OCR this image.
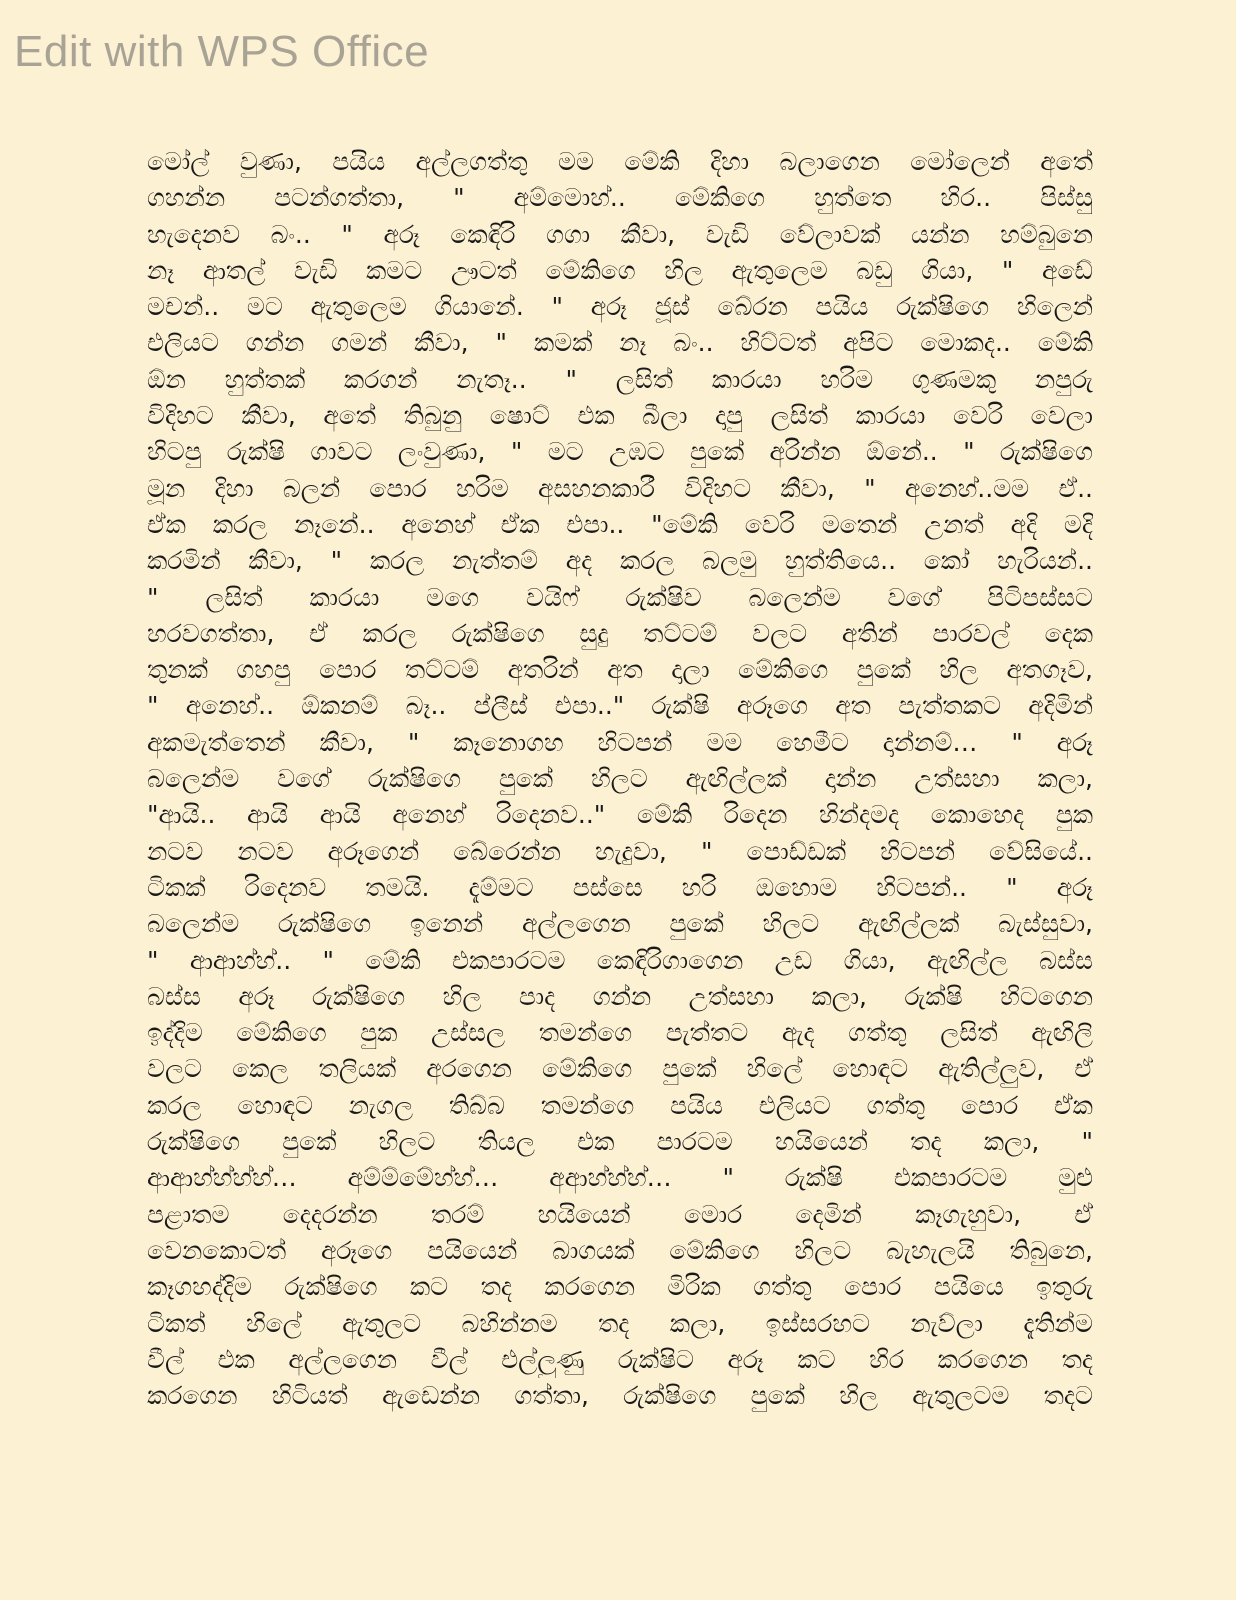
Edit with WPS Office
මෝල් වුණා, පයිය අල්ලගත්තු මම මේකි දිහා බලාගෙන මෝලෙන් අතේ
ගහන්න පටන්ගත්තා, " අම්මොහ්.. මේකිගෙ හුත්තෙ හිර.. පිස්සු
හැදෙනව බං.. " අරූ කෙඳිරි ගගා කීවා, වැඩි වේලාවක් යන්න හම්බුනෙ
නෑ ආතල් වැඩි කමට ඌටත් මේකිගෙ හිල ඇතුලෙම බඩු ගියා, " අඩේ
මචන්.. මට ඇතුලෙම ගියානේ. " අරූ ජූස් බේරන පයිය රුක්ෂිගෙ හිලෙන්
එලියට ගන්න ගමන් කීවා, " කමක් නෑ බං.. හිට්ටත් අපිට මොකද.. මේකි
ඕන හුත්තක් කරගන් නැතෑ.. " ලසිත් කාරයා හරිම ගුණමකු නපුරු
විදිහට කීවා, අතේ තිබුනු ෂොට් එක බීලා දාපු ලසිත් කාරයා වෙරි වෙලා
හිටපු රුක්ෂි ගාවට ලංවුණා, " මට උඹට පුකේ අරින්න ඕනේ.. " රුක්ෂිගෙ
මූන දිහා බලන් පොර හරිම අසහනකාරී විදිහට කීවා, " අනෙහ්..මම ඒ..
ඒක කරල නෑනේ.. අනෙහ් ඒක එපා.. "මේකි වෙරි මතෙන් උනත් අදි මදි
කරමින් කීවා, " කරල නැත්තම් අද කරල බලමු හුත්තියෙ.. කෝ හැරියන්..
" ලසිත් කාරයා මගෙ වයිෆ් රුක්ෂිව බලෙන්ම වගේ පිටිපස්සට
හරවගත්තා, ඒ කරල රුක්ෂිගෙ සුදු තට්ටම් වලට අතින් පාරවල් දෙක
තුනක් ගහපු පොර තට්ටම් අතරින් අත දාලා මේකිගෙ පුකේ හිල අතගෑව,
" අනෙහ්.. ඕකනම් බෑ.. ප්ලීස් එපා.." රුක්ෂි අරූගෙ අත පැත්තකට අදිමින්
අකමැත්තෙන් කීවා, " කෑනොගහ හිටපන් මම හෙමීට දාන්නම්… " අරූ
බලෙන්ම වගේ රුක්ෂිගෙ පුකේ හිලට ඇඟිල්ලක් දාන්න උත්සහා කලා,
"ආයි.. ආයි ආයි අනෙහ් රිදෙනව.." මේකි රිදෙන හින්දමද කොහෙද පුක
නටව නටව අරූගෙන් බේරෙන්න හැදුවා, " පොඩ්ඩක් හිටපන් වේසියේ..
ටිකක් රිදෙනව තමයි. දැම්මට පස්සෙ හරි ඔහොම හිටපන්.. " අරූ
බලෙන්ම රුක්ෂිගෙ ඉනෙන් අල්ලගෙන පුකේ හිලට ඇඟිල්ලක් බැස්සුවා,
" ආආහ්හ්.. " මේකි එකපාරටම කෙඳිරිගාගෙන උඩ ගියා, ඇඟිල්ල බස්ස
බස්ස අරූ රුක්ෂිගෙ හිල පාද ගන්න උත්සහා කලා, රුක්ෂි හිටගෙන
ඉද්දිම මේකිගෙ පුක උස්සල තමන්ගෙ පැත්තට ඇද ගත්තු ලසිත් ඇඟිලි
වලට කෙල තලියක් අරගෙන මේකිගෙ පුකේ හිලේ හොඳට ඇතිල්ලුව, ඒ
කරල හොඳට නැගල තිබ්බ තමන්ගෙ පයිය එලියට ගත්තු පොර ඒක
රුක්ෂිගෙ පුකේ හිලට තියල එක පාරටම හයියෙන් තද කලා, "
ආආහ්හ්හ්හ්… අම්ම්මේහ්හ්… අආහ්හ්හ්… " රුක්ෂි එකපාරටම මුළු
පළාතම දෙදරන්න තරම් හයියෙන් මොර දෙමින් කෑගැහුවා, ඒ
වෙනකොටත් අරූගෙ පයියෙන් බාගයක් මේකිගෙ හිලට බැහැලයි තිබුනෙ,
කෑගහද්දිම රුක්ෂිගෙ කට තද කරගෙන මිරික ගත්තු පොර පයියෙ ඉතුරු
ටිකත් හිලේ ඇතුලට බහින්නම තද කලා, ඉස්සරහට නැව්ලා දැතින්ම
වීල් එක අල්ලගෙන වීල් එල්ලුණු රුක්ෂිට අරූ කට හිර කරගෙන තද
කරගෙන හිටියත් ඇඩෙන්න ගත්තා, රුක්ෂිගෙ පුකේ හිල ඇතුලටම තදට
